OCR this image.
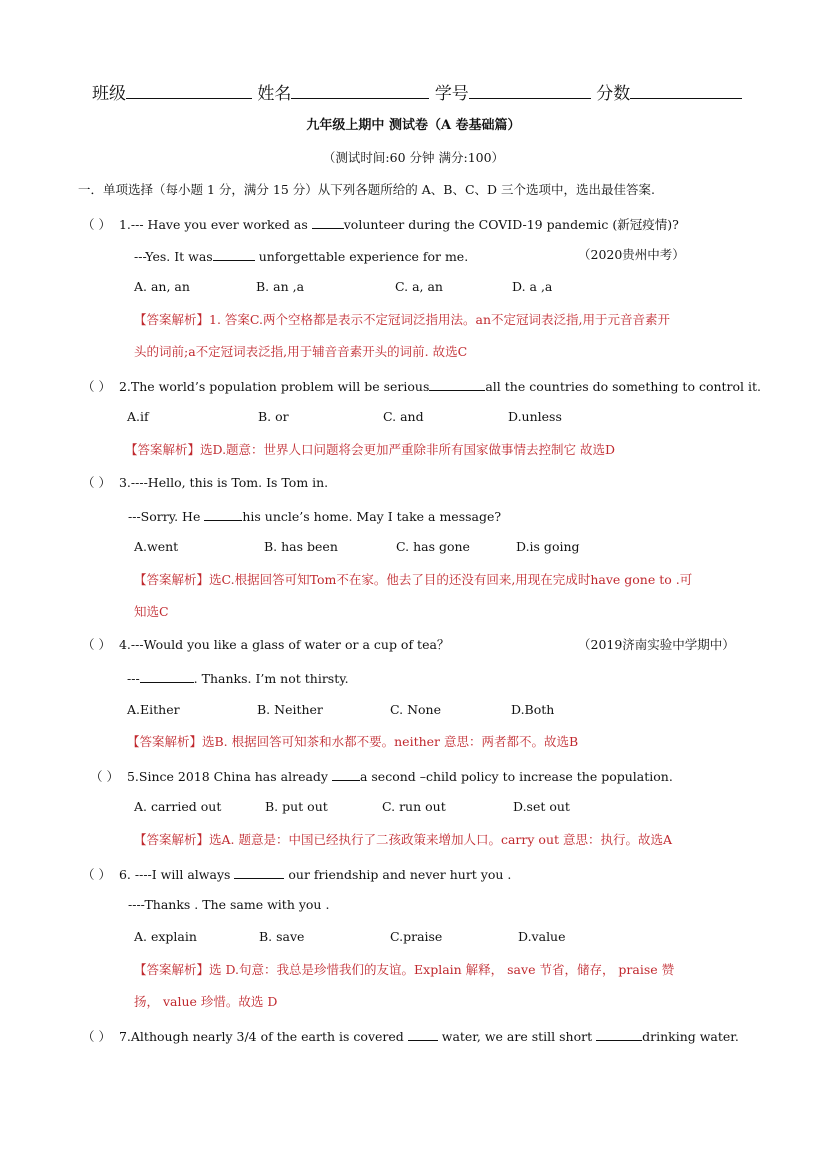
班级	姓名	学号	分数
九年级上期中 测试卷（A 卷基础篇）
（测试时间:60 分钟 满分:100）
一．单项选择（每小题 1 分，满分 15 分）从下列各题所给的 A、B、C、D 三个选项中，选出最佳答案.
（ ） 1.--- Have you ever worked as	volunteer during the COVID-19 pandemic (新冠疫情)?
---Yes. It was	unforgettable experience for me.	（2020贵州中考）
A. an, an	B. an ,a	C. a, an	D. a ,a
【答案解析】1. 答案C.两个空格都是表示不定冠词泛指用法。an不定冠词表泛指,用于元音音素开
头的词前;a不定冠词表泛指,用于辅音音素开头的词前. 故选C
（ ） 2.The world’s population problem will be serious	all the countries do something to control it.
A.if	B. or	C. and	D.unless
【答案解析】选D.题意：世界人口问题将会更加严重除非所有国家做事情去控制它 故选D
（ ） 3.----Hello, this is Tom. Is Tom in.
---Sorry. He	his uncle’s home. May I take a message?
A.went	B. has been	C. has gone	D.is going
【答案解析】选C.根据回答可知Tom不在家。他去了目的还没有回来,用现在完成时have gone to .可
知选C
（ ） 4.---Would you like a glass of water or a cup of tea？	（2019济南实验中学期中）
---	. Thanks. I’m not thirsty.
A.Either	B. Neither	C. None	D.Both
【答案解析】选B. 根据回答可知茶和水都不要。neither 意思：两者都不。故选B
（ ） 5.Since 2018 China has already a second –child policy to increase the population.
A. carried out	B. put out	C. run out	D.set out
【答案解析】选A. 题意是：中国已经执行了二孩政策来增加人口。carry out 意思：执行。故选A
（ ） 6. ----I will always	our friendship and never hurt you .
----Thanks . The same with you .
A. explain	B. save	C.praise	D.value
【答案解析】选 D.句意：我总是珍惜我们的友谊。Explain 解释， save 节省，储存， praise 赞
扬， value 珍惜。故选 D
（ ） 7.Although nearly 3/4 of the earth is covered  water, we are still short	drinking water.
